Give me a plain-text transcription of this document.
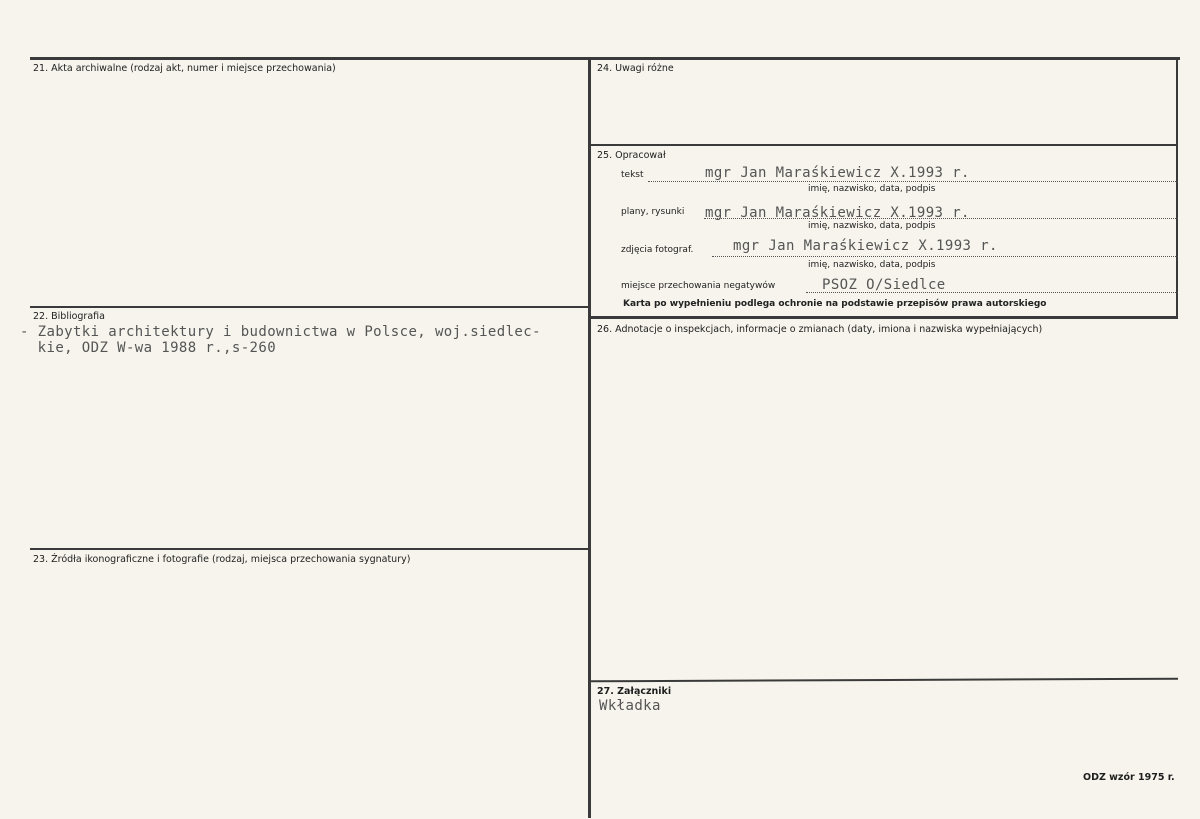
21. Akta archiwalne (rodzaj akt, numer i miejsce przechowania)
22. Bibliografia
- Zabytki architektury i budownictwa w Polsce, woj.siedlec-
kie, ODZ W-wa 1988 r.,s-260
23. Źródła ikonograficzne i fotografie (rodzaj, miejsca przechowania sygnatury)
24. Uwagi różne
25. Opracował
tekst	mgr Jan Maraśkiewicz X.1993 r.
imię, nazwisko, data, podpis
plany, rysunki mgr Jan Maraśkiewicz X.1993 r.
imię, nazwisko, data, podpis
zdjęcia fotograf.	mgr Jan Maraśkiewicz X.1993 r.
imię, nazwisko, data, podpis
miejsce przechowania negatywów	PSOZ O/Siedlce
Karta po wypełnieniu podlega ochronie na podstawie przepisów prawa autorskiego
26. Adnotacje o inspekcjach, informacje o zmianach (daty, imiona i nazwiska wypełniających)
27. Załączniki
Wkładka
ODZ wzór 1975 r.
